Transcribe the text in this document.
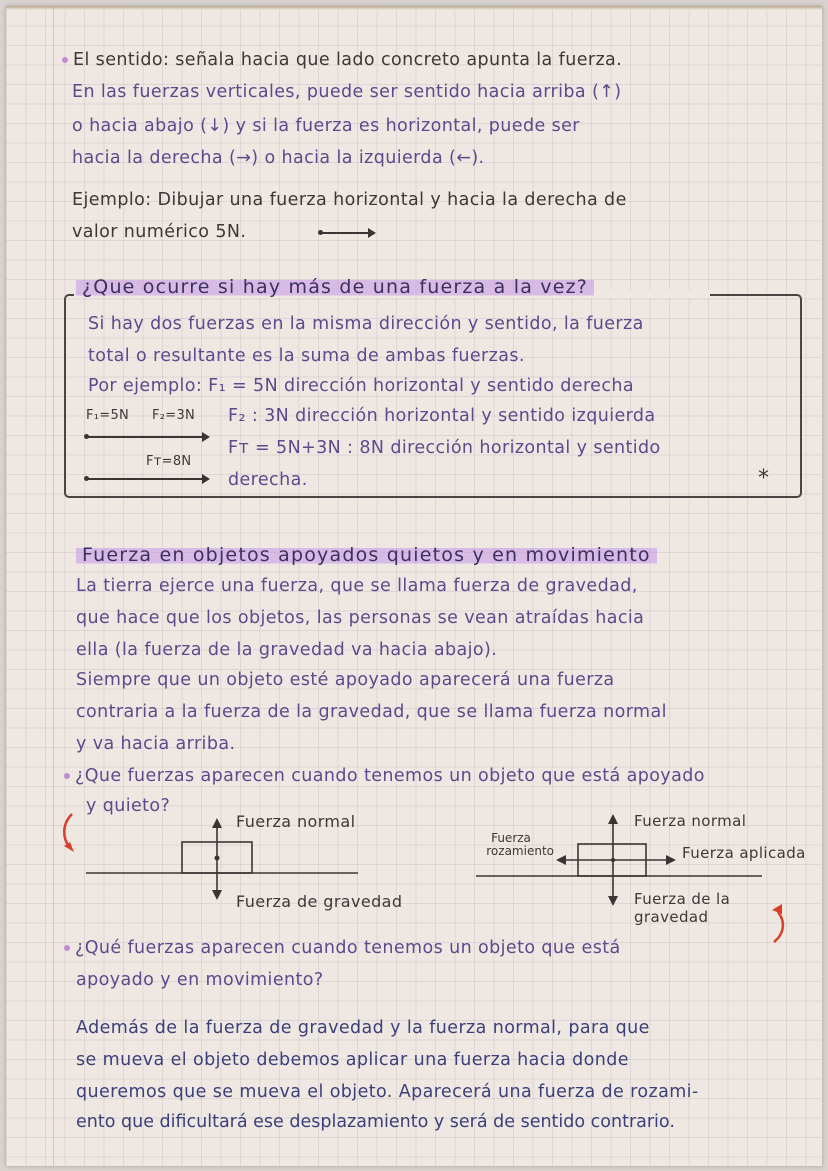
El sentido: señala hacia que lado concreto apunta la fuerza.
En las fuerzas verticales, puede ser sentido hacia arriba (↑)
o hacia abajo (↓) y si la fuerza es horizontal, puede ser
hacia la derecha (→) o hacia la izquierda (←).
Ejemplo: Dibujar una fuerza horizontal y hacia la derecha de
valor numérico 5N.
¿Que ocurre si hay más de una fuerza a la vez?
Si hay dos fuerzas en la misma dirección y sentido, la fuerza
total o resultante es la suma de ambas fuerzas.
Por ejemplo: F₁ = 5N dirección horizontal y sentido derecha
F₂ : 3N dirección horizontal y sentido izquierda
Fᴛ = 5N+3N : 8N dirección horizontal y sentido
derecha.
F₁=5N F₂=3N
Fᴛ=8N
*
Fuerza en objetos apoyados quietos y en movimiento
La tierra ejerce una fuerza, que se llama fuerza de gravedad,
que hace que los objetos, las personas se vean atraídas hacia
ella (la fuerza de la gravedad va hacia abajo).
Siempre que un objeto esté apoyado aparecerá una fuerza
contraria a la fuerza de la gravedad, que se llama fuerza normal
y va hacia arriba.
¿Que fuerzas aparecen cuando tenemos un objeto que está apoyado
y quieto?
Fuerza normal
Fuerza de gravedad
Fuerza normal
Fuerza
rozamiento	Fuerza aplicada
Fuerza de la
gravedad
¿Qué fuerzas aparecen cuando tenemos un objeto que está
apoyado y en movimiento?
Además de la fuerza de gravedad y la fuerza normal, para que
se mueva el objeto debemos aplicar una fuerza hacia donde
queremos que se mueva el objeto. Aparecerá una fuerza de rozami-
ento que dificultará ese desplazamiento y será de sentido contrario.
